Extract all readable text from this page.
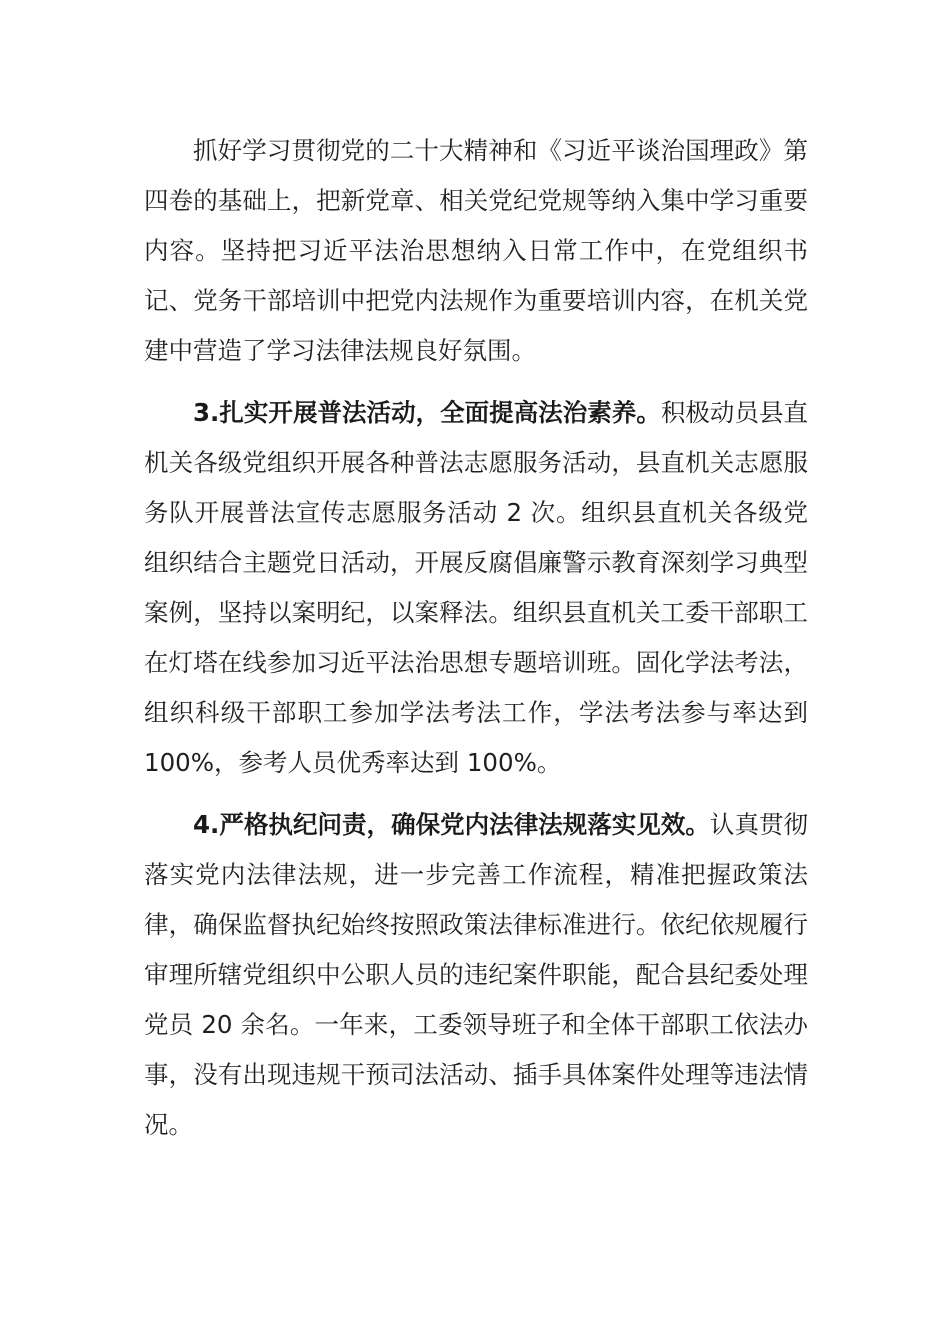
抓好学习贯彻党的二十大精神和《习近平谈治国理政》第四卷的基础上，把新党章、相关党纪党规等纳入集中学习重要内容。坚持把习近平法治思想纳入日常工作中，在党组织书记、党务干部培训中把党内法规作为重要培训内容，在机关党建中营造了学习法律法规良好氛围。

3.扎实开展普法活动，全面提高法治素养。积极动员县直机关各级党组织开展各种普法志愿服务活动，县直机关志愿服务队开展普法宣传志愿服务活动 2 次。组织县直机关各级党组织结合主题党日活动，开展反腐倡廉警示教育深刻学习典型案例，坚持以案明纪，以案释法。组织县直机关工委干部职工在灯塔在线参加习近平法治思想专题培训班。固化学法考法，组织科级干部职工参加学法考法工作，学法考法参与率达到 100%，参考人员优秀率达到 100%。

4.严格执纪问责，确保党内法律法规落实见效。认真贯彻落实党内法律法规，进一步完善工作流程，精准把握政策法律，确保监督执纪始终按照政策法律标准进行。依纪依规履行审理所辖党组织中公职人员的违纪案件职能，配合县纪委处理党员 20 余名。一年来，工委领导班子和全体干部职工依法办事，没有出现违规干预司法活动、插手具体案件处理等违法情况。
